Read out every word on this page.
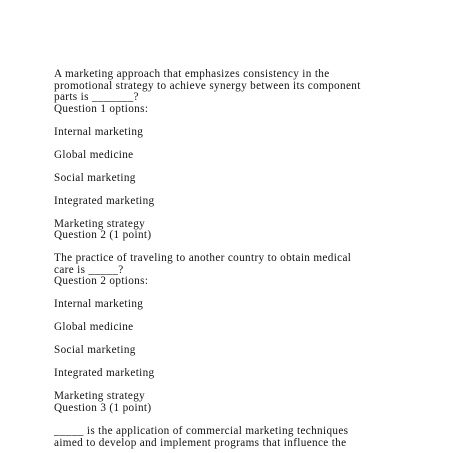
A marketing approach that emphasizes consistency in the
promotional strategy to achieve synergy between its component
parts is _______?
Question 1 options:
Internal marketing
Global medicine
Social marketing
Integrated marketing
Marketing strategy
Question 2 (1 point)
The practice of traveling to another country to obtain medical
care is _____?
Question 2 options:
Internal marketing
Global medicine
Social marketing
Integrated marketing
Marketing strategy
Question 3 (1 point)
_____ is the application of commercial marketing techniques
aimed to develop and implement programs that influence the
